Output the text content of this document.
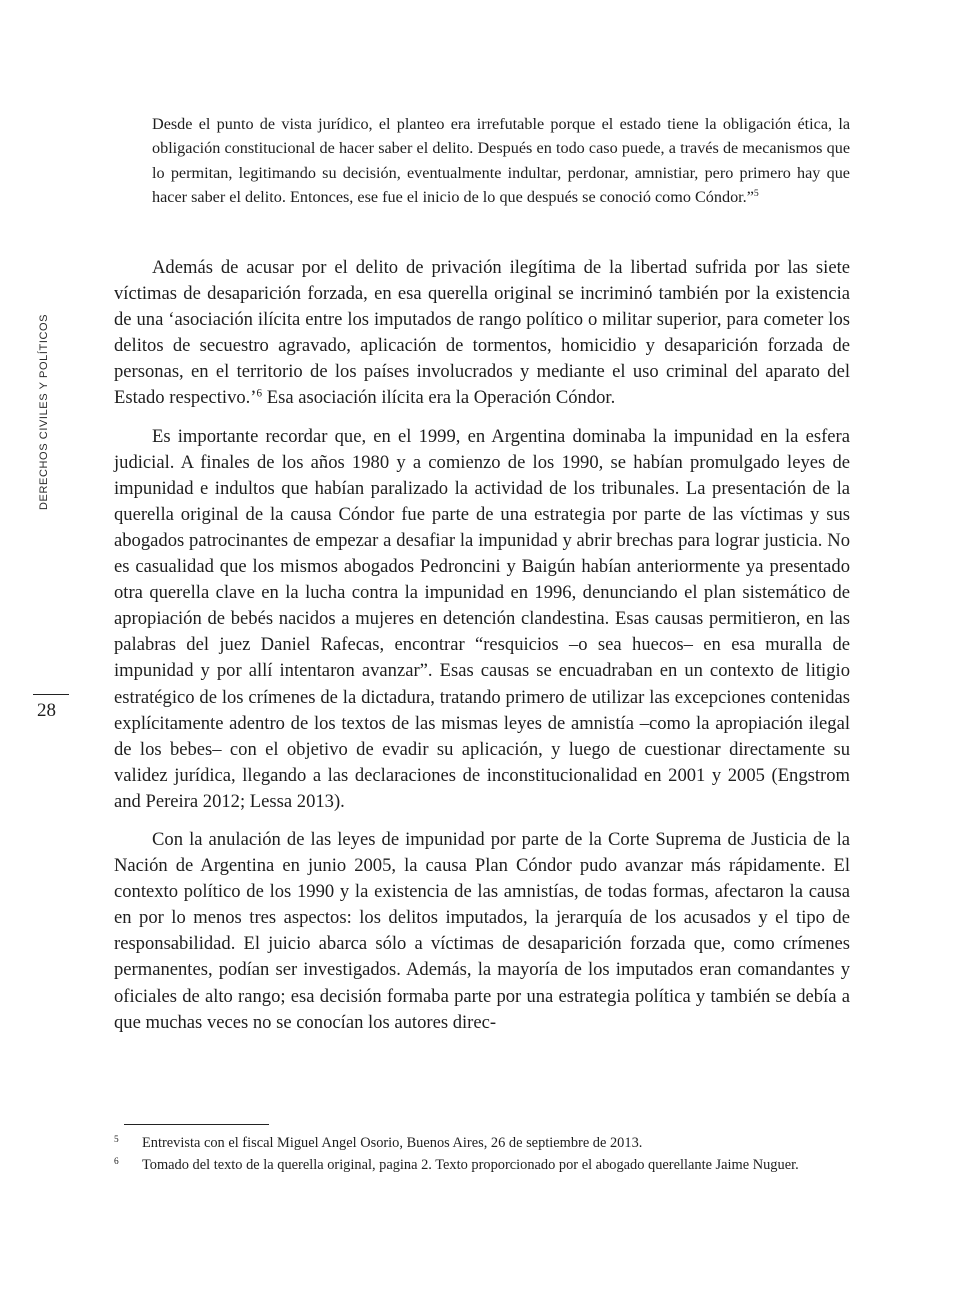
DERECHOS CIVILES Y POLÍTICOS
28
Desde el punto de vista jurídico, el planteo era irrefutable porque el estado tiene la obligación ética, la obligación constitucional de hacer saber el delito. Después en todo caso puede, a través de mecanismos que lo permitan, legitimando su decisión, eventualmente indultar, perdonar, amnistiar, pero primero hay que hacer saber el delito. Entonces, ese fue el inicio de lo que después se conoció como Cóndor.”$^5$

Además de acusar por el delito de privación ilegítima de la libertad sufrida por las siete víctimas de desaparición forzada, en esa querella original se incriminó también por la existencia de una ‘asociación ilícita entre los imputados de rango político o militar superior, para cometer los delitos de secuestro agravado, aplicación de tormentos, homicidio y desaparición forzada de personas, en el territorio de los países involucrados y mediante el uso criminal del aparato del Estado respectivo.’$^6$ Esa asociación ilícita era la Operación Cóndor.

Es importante recordar que, en el 1999, en Argentina dominaba la impunidad en la esfera judicial. A finales de los años 1980 y a comienzo de los 1990, se habían promulgado leyes de impunidad e indultos que habían paralizado la actividad de los tribunales. La presentación de la querella original de la causa Cóndor fue parte de una estrategia por parte de las víctimas y sus abogados patrocinantes de empezar a desafiar la impunidad y abrir brechas para lograr justicia. No es casualidad que los mismos abogados Pedroncini y Baigún habían anteriormente ya presentado otra querella clave en la lucha contra la impunidad en 1996, denunciando el plan sistemático de apropiación de bebés nacidos a mujeres en detención clandestina. Esas causas permitieron, en las palabras del juez Daniel Rafecas, encontrar “resquicios –o sea huecos– en esa muralla de impunidad y por allí intentaron avanzar”. Esas causas se encuadraban en un contexto de litigio estratégico de los crímenes de la dictadura, tratando primero de utilizar las excepciones contenidas explícitamente adentro de los textos de las mismas leyes de amnistía –como la apropiación ilegal de los bebes– con el objetivo de evadir su aplicación, y luego de cuestionar directamente su validez jurídica, llegando a las declaraciones de inconstitucionalidad en 2001 y 2005 (Engstrom and Pereira 2012; Lessa 2013).

Con la anulación de las leyes de impunidad por parte de la Corte Suprema de Justicia de la Nación de Argentina en junio 2005, la causa Plan Cóndor pudo avanzar más rápidamente. El contexto político de los 1990 y la existencia de las amnistías, de todas formas, afectaron la causa en por lo menos tres aspectos: los delitos imputados, la jerarquía de los acusados y el tipo de responsabilidad. El juicio abarca sólo a víctimas de desaparición forzada que, como crímenes permanentes, podían ser investigados. Además, la mayoría de los imputados eran comandantes y oficiales de alto rango; esa decisión formaba parte por una estrategia política y también se debía a que muchas veces no se conocían los autores direc-

5 Entrevista con el fiscal Miguel Angel Osorio, Buenos Aires, 26 de septiembre de 2013.

6 Tomado del texto de la querella original, pagina 2. Texto proporcionado por el abogado querellante Jaime Nuguer.
